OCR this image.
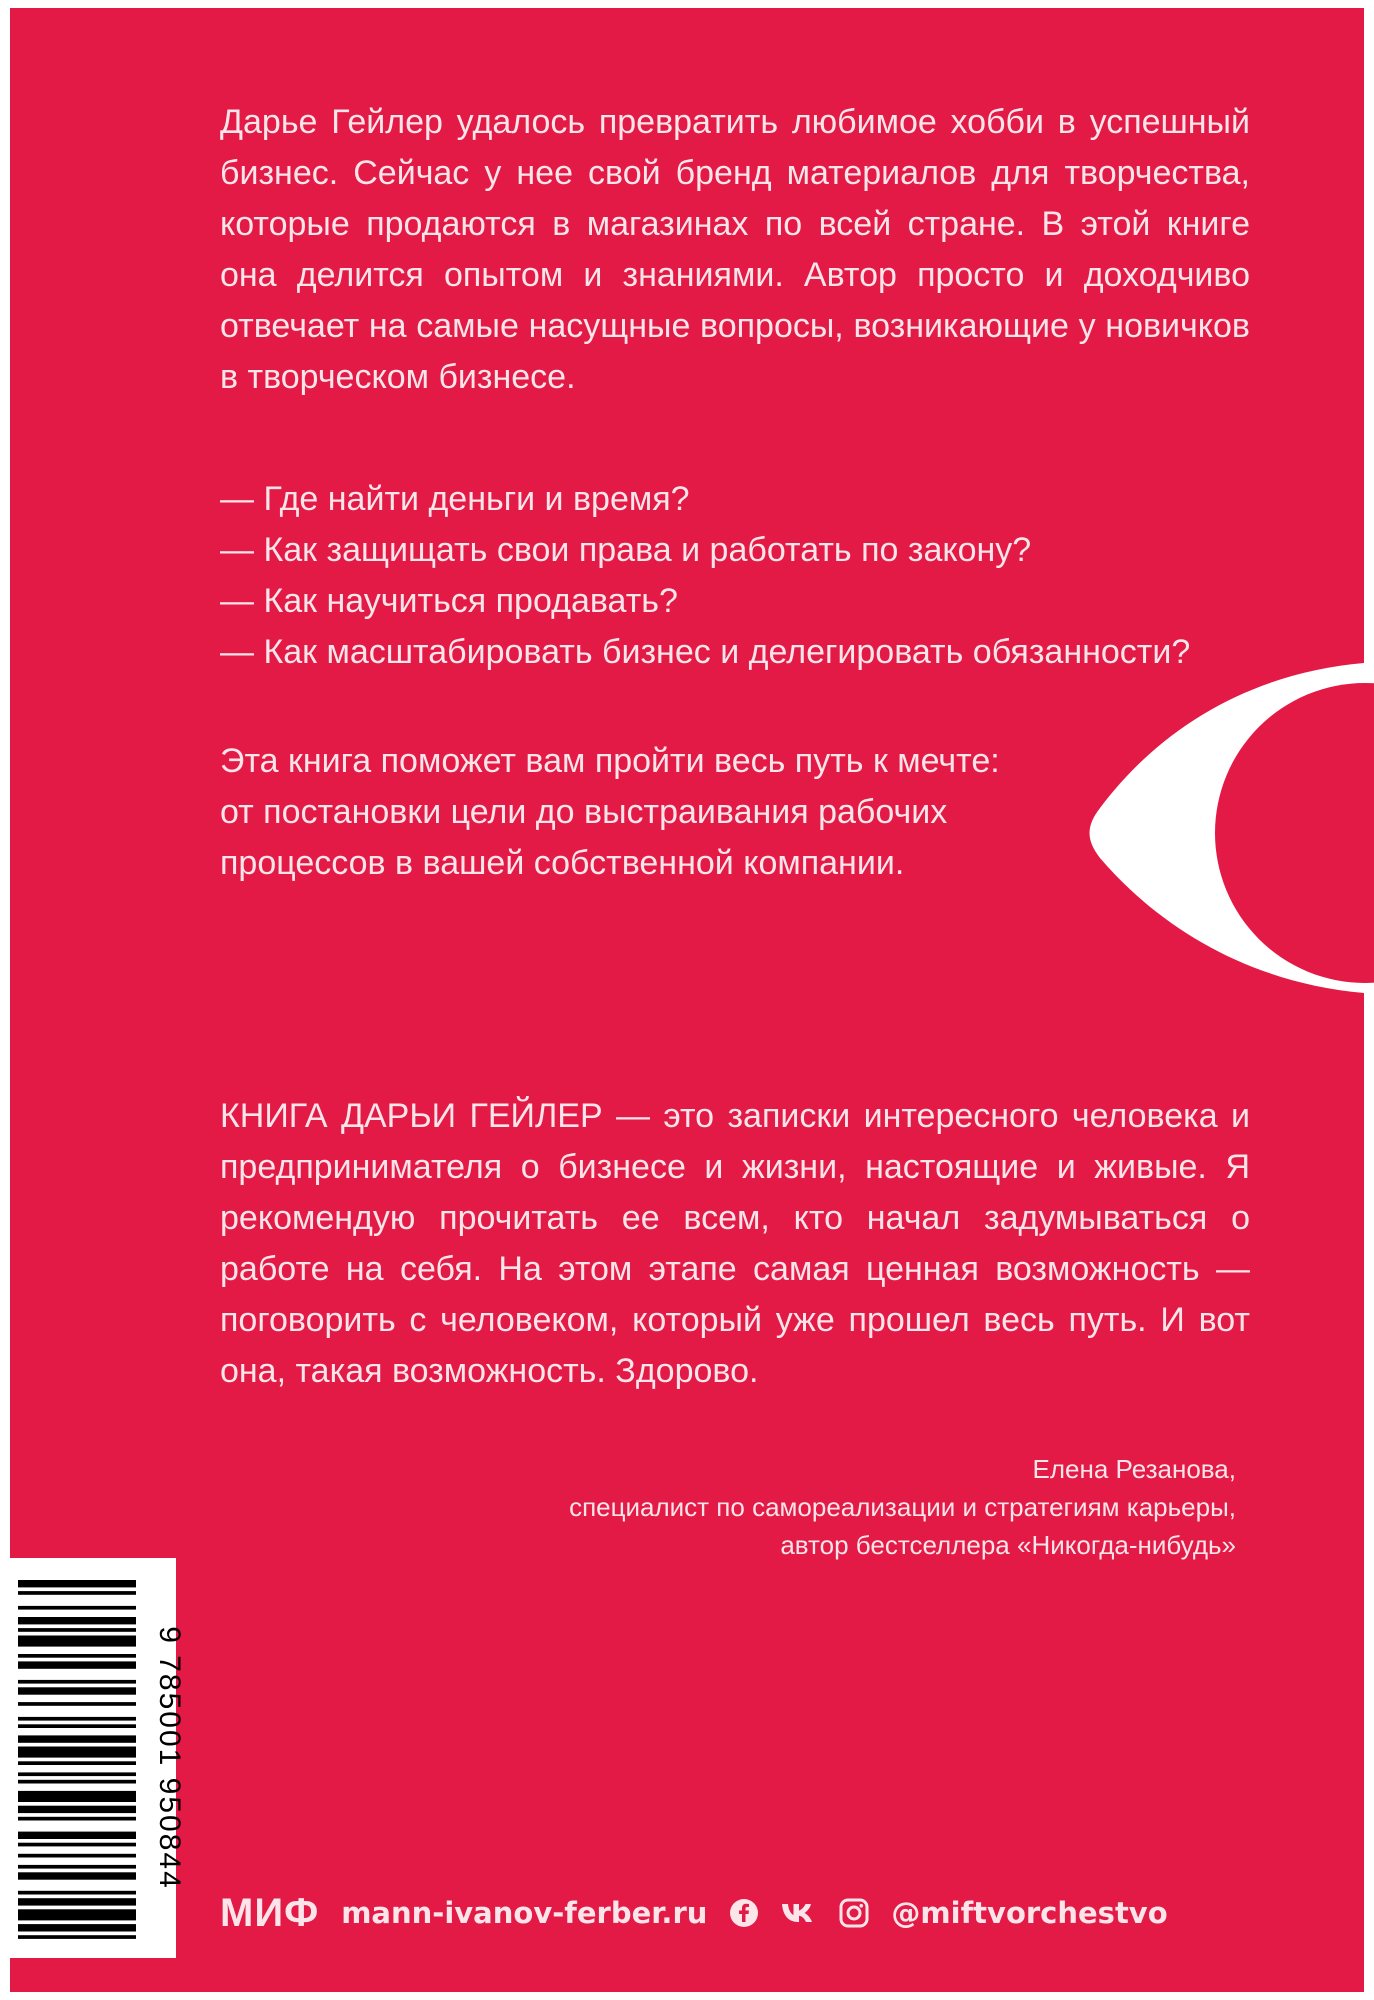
Дарье Гейлер удалось превратить любимое хобби в успешный бизнес. Сейчас у нее свой бренд материалов для творчества, которые продаются в магазинах по всей стране. В этой книге она делится опытом и знаниями. Автор просто и доходчиво отвечает на самые насущные вопросы, возникающие у новичков в творческом бизнесе.

— Где найти деньги и время?
— Как защищать свои права и работать по закону?
— Как научиться продавать?
— Как масштабировать бизнес и делегировать обязанности?
Эта книга поможет вам пройти весь путь к мечте:
от постановки цели до выстраивания рабочих
процессов в вашей собственной компании.
КНИГА ДАРЬИ ГЕЙЛЕР — это записки интересного человека и предпринимателя о бизнесе и жизни, настоящие и живые. Я рекомендую прочитать ее всем, кто начал задумываться о работе на себя. На этом этапе самая ценная возможность — поговорить с человеком, который уже прошел весь путь. И вот она, такая возможность. Здорово.
Елена Резанова,
специалист по самореализации и стратегиям карьеры,
автор бестселлера «Никогда-нибудь»
9 785001 950844
МИФ mann-ivanov-ferber.ru	@miftvorchestvo
